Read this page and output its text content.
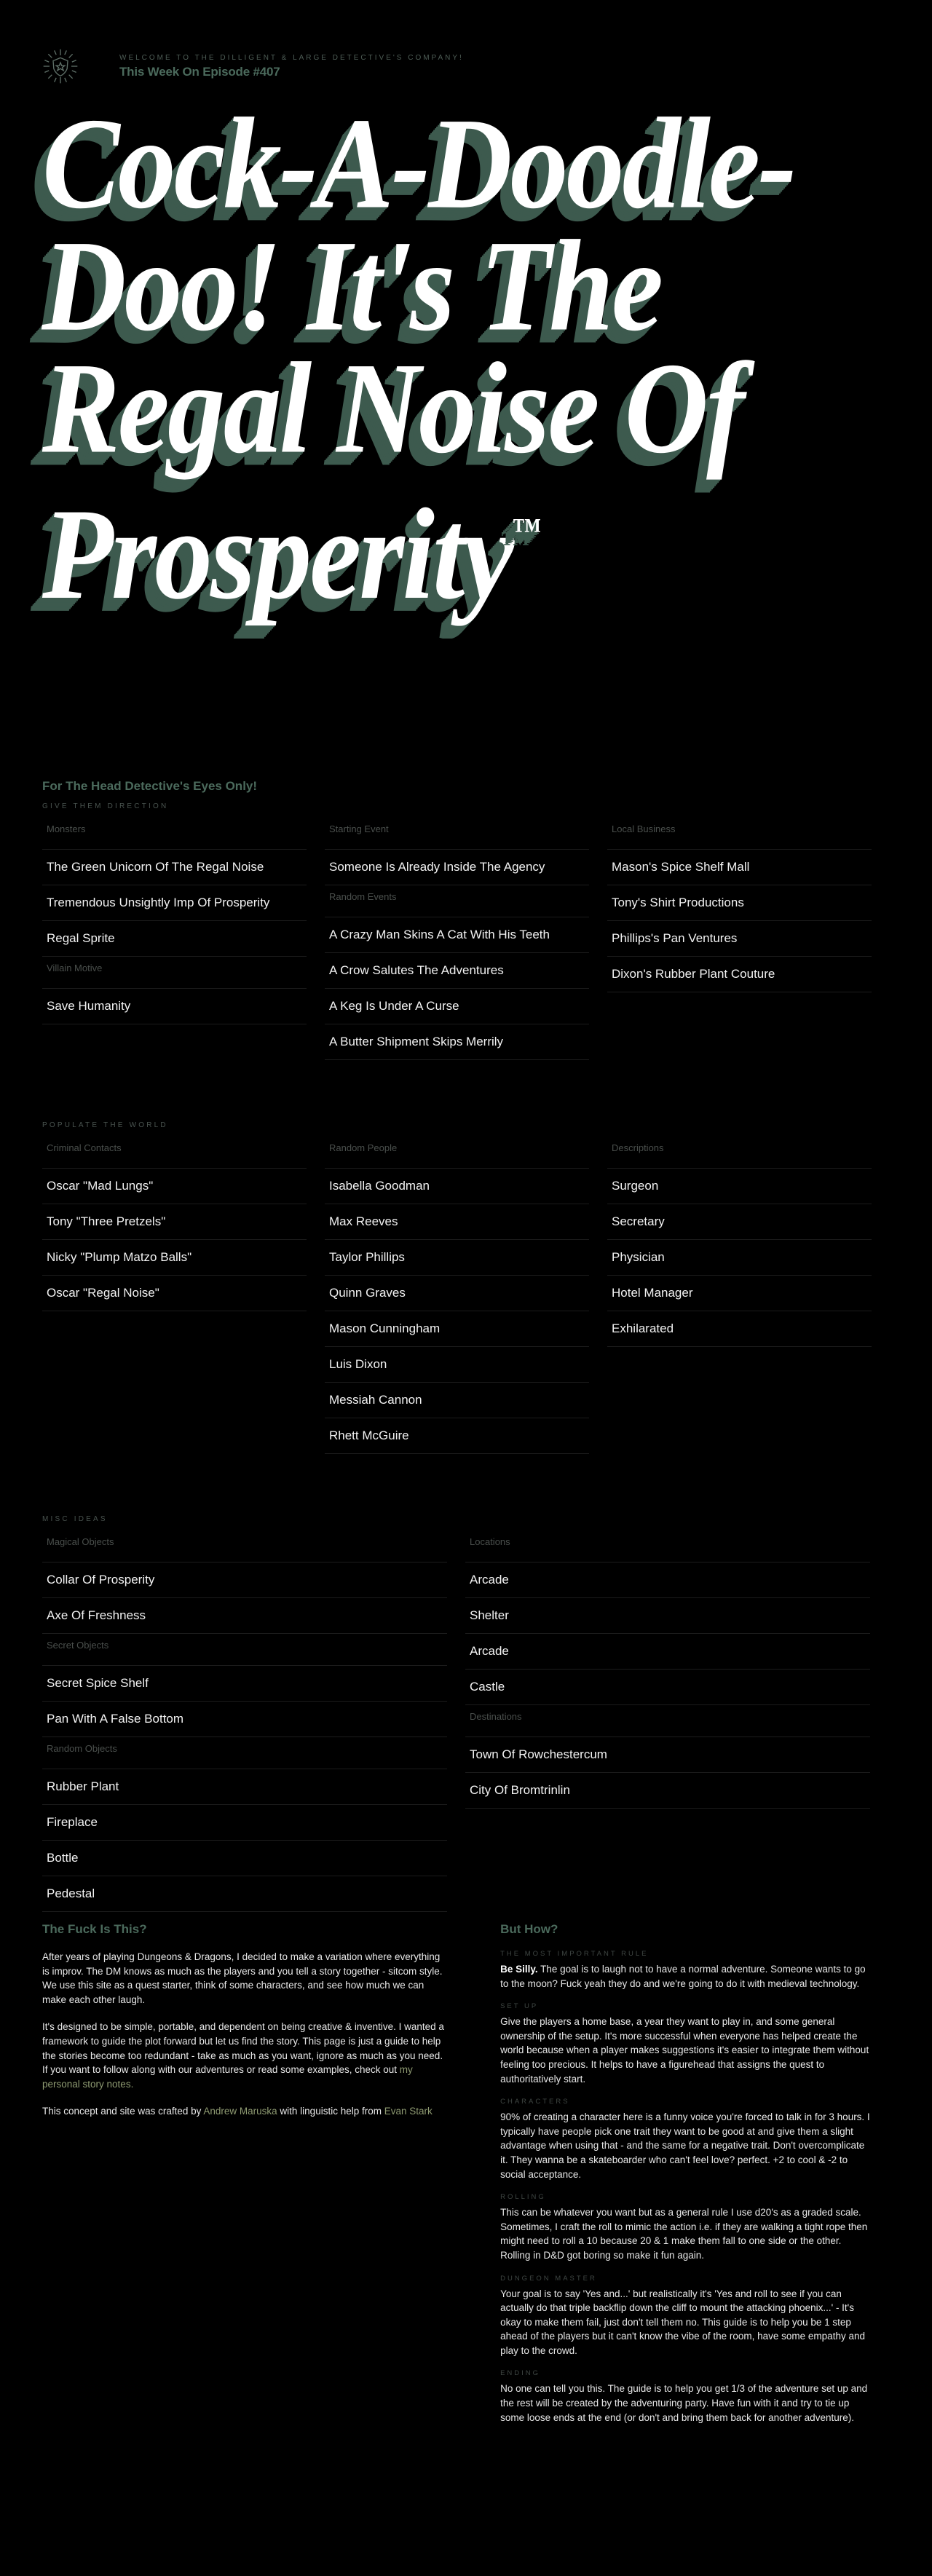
WELCOME TO THE DILLIGENT & LARGE DETECTIVE'S COMPANY!
This Week On Episode #407
Cock-A-Doodle-Doo! It's The Regal Noise Of Prosperity™
For The Head Detective's Eyes Only!
GIVE THEM DIRECTION
Monsters
The Green Unicorn Of The Regal Noise
Tremendous Unsightly Imp Of Prosperity
Regal Sprite
Villain Motive
Save Humanity
Starting Event
Someone Is Already Inside The Agency
Random Events
A Crazy Man Skins A Cat With His Teeth
A Crow Salutes The Adventures
A Keg Is Under A Curse
A Butter Shipment Skips Merrily
Local Business
Mason's Spice Shelf Mall
Tony's Shirt Productions
Phillips's Pan Ventures
Dixon's Rubber Plant Couture
POPULATE THE WORLD
Criminal Contacts
Oscar "Mad Lungs"
Tony "Three Pretzels"
Nicky "Plump Matzo Balls"
Oscar "Regal Noise"
Random People
Isabella Goodman
Max Reeves
Taylor Phillips
Quinn Graves
Mason Cunningham
Luis Dixon
Messiah Cannon
Rhett McGuire
Descriptions
Surgeon
Secretary
Physician
Hotel Manager
Exhilarated
MISC IDEAS
Magical Objects
Collar Of Prosperity
Axe Of Freshness
Secret Objects
Secret Spice Shelf
Pan With A False Bottom
Random Objects
Rubber Plant
Fireplace
Bottle
Pedestal
Locations
Arcade
Shelter
Arcade
Castle
Destinations
Town Of Rowchestercum
City Of Bromtrinlin
The Fuck Is This?

After years of playing Dungeons & Dragons, I decided to make a variation where everything is improv. The DM knows as much as the players and you tell a story together - sitcom style. We use this site as a quest starter, think of some characters, and see how much we can make each other laugh.

It's designed to be simple, portable, and dependent on being creative & inventive. I wanted a framework to guide the plot forward but let us find the story. This page is just a guide to help the stories become too redundant - take as much as you want, ignore as much as you need. If you want to follow along with our adventures or read some examples, check out my personal story notes.

This concept and site was crafted by Andrew Maruska with linguistic help from Evan Stark

But How?
THE MOST IMPORTANT RULE

Be Silly. The goal is to laugh not to have a normal adventure. Someone wants to go to the moon? Fuck yeah they do and we're going to do it with medieval technology.

SET UP

Give the players a home base, a year they want to play in, and some general ownership of the setup. It's more successful when everyone has helped create the world because when a player makes suggestions it's easier to integrate them without feeling too precious. It helps to have a figurehead that assigns the quest to authoritatively start.

CHARACTERS

90% of creating a character here is a funny voice you're forced to talk in for 3 hours. I typically have people pick one trait they want to be good at and give them a slight advantage when using that - and the same for a negative trait. Don't overcomplicate it. They wanna be a skateboarder who can't feel love? perfect. +2 to cool & -2 to social acceptance.

ROLLING

This can be whatever you want but as a general rule I use d20's as a graded scale. Sometimes, I craft the roll to mimic the action i.e. if they are walking a tight rope then might need to roll a 10 because 20 & 1 make them fall to one side or the other. Rolling in D&D got boring so make it fun again.

DUNGEON MASTER

Your goal is to say 'Yes and...' but realistically it's 'Yes and roll to see if you can actually do that triple backflip down the cliff to mount the attacking phoenix...' - It's okay to make them fail, just don't tell them no. This guide is to help you be 1 step ahead of the players but it can't know the vibe of the room, have some empathy and play to the crowd.

ENDING

No one can tell you this. The guide is to help you get 1/3 of the adventure set up and the rest will be created by the adventuring party. Have fun with it and try to tie up some loose ends at the end (or don't and bring them back for another adventure).
